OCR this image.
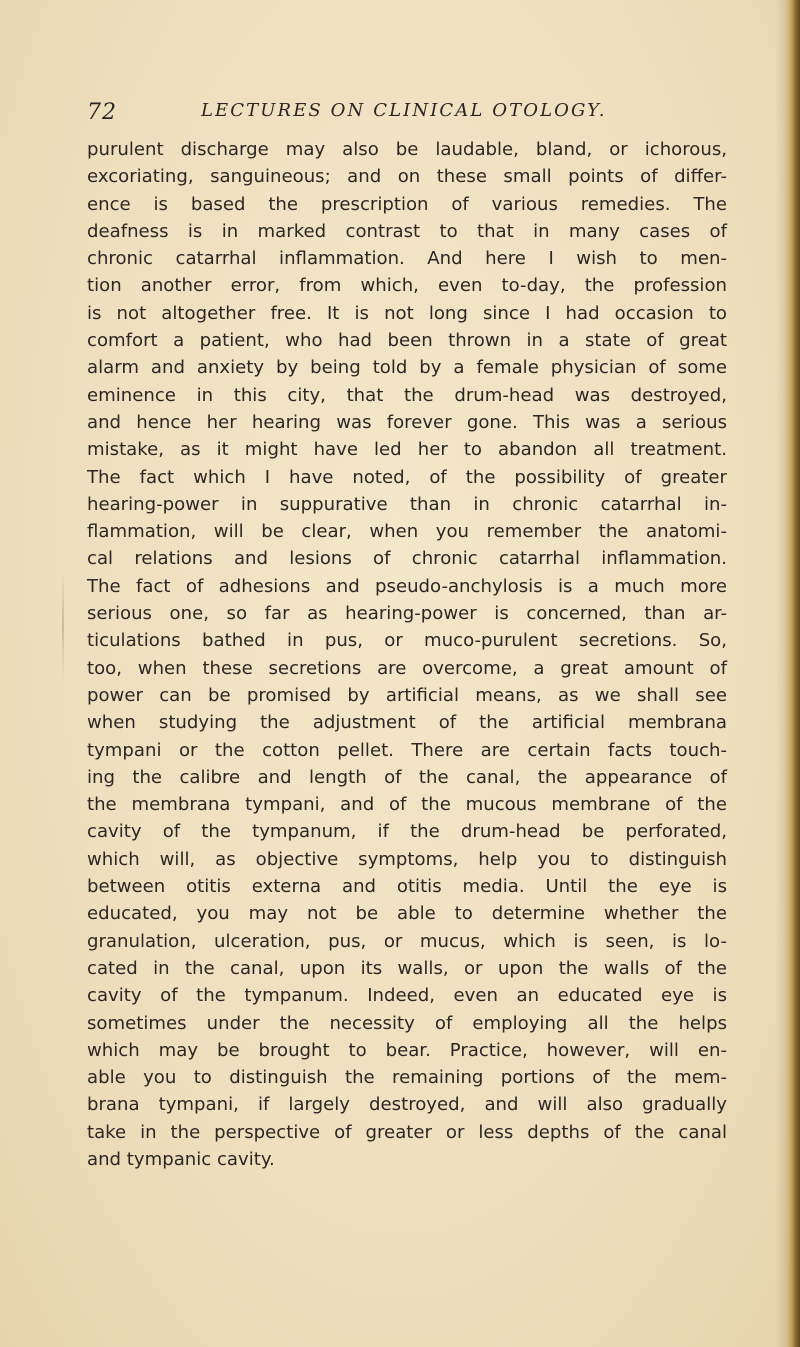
72	LECTURES ON CLINICAL OTOLOGY.

purulent discharge may also be laudable, bland, or ichorous,
excoriating, sanguineous; and on these small points of differ-
ence is based the prescription of various remedies. The
deafness is in marked contrast to that in many cases of
chronic catarrhal inflammation. And here I wish to men-
tion another error, from which, even to-day, the profession
is not altogether free. It is not long since I had occasion to
comfort a patient, who had been thrown in a state of great
alarm and anxiety by being told by a female physician of some
eminence in this city, that the drum-head was destroyed,
and hence her hearing was forever gone. This was a serious
mistake, as it might have led her to abandon all treatment.
The fact which I have noted, of the possibility of greater
hearing-power in suppurative than in chronic catarrhal in-
flammation, will be clear, when you remember the anatomi-
cal relations and lesions of chronic catarrhal inflammation.
The fact of adhesions and pseudo-anchylosis is a much more
serious one, so far as hearing-power is concerned, than ar-
ticulations bathed in pus, or muco-purulent secretions. So,
too, when these secretions are overcome, a great amount of
power can be promised by artificial means, as we shall see
when studying the adjustment of the artificial membrana
tympani or the cotton pellet. There are certain facts touch-
ing the calibre and length of the canal, the appearance of
the membrana tympani, and of the mucous membrane of the
cavity of the tympanum, if the drum-head be perforated,
which will, as objective symptoms, help you to distinguish
between otitis externa and otitis media. Until the eye is
educated, you may not be able to determine whether the
granulation, ulceration, pus, or mucus, which is seen, is lo-
cated in the canal, upon its walls, or upon the walls of the
cavity of the tympanum. Indeed, even an educated eye is
sometimes under the necessity of employing all the helps
which may be brought to bear. Practice, however, will en-
able you to distinguish the remaining portions of the mem-
brana tympani, if largely destroyed, and will also gradually
take in the perspective of greater or less depths of the canal
and tympanic cavity.
